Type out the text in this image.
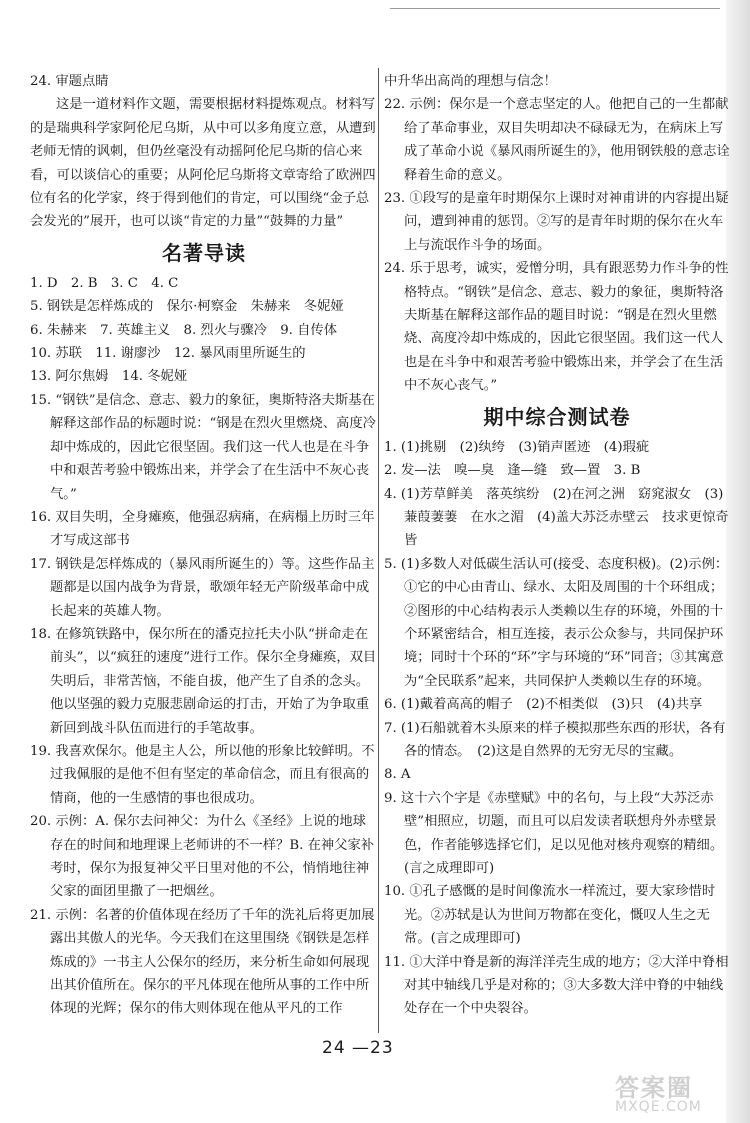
24. 审题点睛

这是一道材料作文题，需要根据材料提炼观点。材料写的是瑞典科学家阿伦尼乌斯，从中可以多角度立意，从遭到老师无情的讽刺，但仍丝毫没有动摇阿伦尼乌斯的信心来看，可以谈信心的重要；从阿伦尼乌斯将文章寄给了欧洲四位有名的化学家，终于得到他们的肯定，可以围绕“金子总会发光的”展开，也可以谈“肯定的力量”“鼓舞的力量”

名著导读

1. D　2. B　3. C　4. C

5. 钢铁是怎样炼成的　保尔·柯察金　朱赫来　冬妮娅

6. 朱赫来　7. 英雄主义　8. 烈火与骤冷　9. 自传体

10. 苏联　11. 谢廖沙　12. 暴风雨里所诞生的

13. 阿尔焦姆　14. 冬妮娅

15. “钢铁”是信念、意志、毅力的象征，奥斯特洛夫斯基在解释这部作品的标题时说：“钢是在烈火里燃烧、高度冷却中炼成的，因此它很坚固。我们这一代人也是在斗争中和艰苦考验中锻炼出来，并学会了在生活中不灰心丧气。”

16. 双目失明，全身瘫痪，他强忍病痛，在病榻上历时三年才写成这部书

17. 钢铁是怎样炼成的（暴风雨所诞生的）等。这些作品主题都是以国内战争为背景，歌颂年轻无产阶级革命中成长起来的英雄人物。

18. 在修筑铁路中，保尔所在的潘克拉托夫小队“拼命走在前头”，以“疯狂的速度”进行工作。保尔全身瘫痪，双目失明后，非常苦恼，不能自拔，他产生了自杀的念头。他以坚强的毅力克服悲剧命运的打击，开始了为争取重新回到战斗队伍而进行的手笔故事。

19. 我喜欢保尔。他是主人公，所以他的形象比较鲜明。不过我佩服的是他不但有坚定的革命信念，而且有很高的情商，他的一生感情的事也很成功。

20. 示例：A. 保尔去问神父：为什么《圣经》上说的地球存在的时间和地理课上老师讲的不一样？B. 在神父家补考时，保尔为报复神父平日里对他的不公，悄悄地往神父家的面团里撒了一把烟丝。

21. 示例：名著的价值体现在经历了千年的洗礼后将更加展露出其傲人的光华。今天我们在这里围绕《钢铁是怎样炼成的》一书主人公保尔的经历，来分析生命如何展现出其价值所在。保尔的平凡体现在他所从事的工作中所体现的光辉；保尔的伟大则体现在他从平凡的工作

中升华出高尚的理想与信念！

22. 示例：保尔是一个意志坚定的人。他把自己的一生都献给了革命事业，双目失明却决不碌碌无为，在病床上写成了革命小说《暴风雨所诞生的》，他用钢铁般的意志诠释着生命的意义。

23. ①段写的是童年时期保尔上课时对神甫讲的内容提出疑问，遭到神甫的惩罚。②写的是青年时期的保尔在火车上与流氓作斗争的场面。

24. 乐于思考，诚实，爱憎分明，具有跟恶势力作斗争的性格特点。“钢铁”是信念、意志、毅力的象征，奥斯特洛夫斯基在解释这部作品的题目时说：“钢是在烈火里燃烧、高度冷却中炼成的，因此它很坚固。我们这一代人也是在斗争中和艰苦考验中锻炼出来，并学会了在生活中不灰心丧气。”

期中综合测试卷

1. (1)挑剔　(2)纨绔　(3)销声匿迹　(4)瑕疵

2. 发—法　嗅—臭　逢—缝　致—置　3. B

4. (1)芳草鲜美　落英缤纷　(2)在河之洲　窈窕淑女　(3)蒹葭萋萋　在水之湄　(4)盖大苏泛赤壁云　技求更惊奇皆

5. (1)多数人对低碳生活认可(接受、态度积极)。(2)示例：①它的中心由青山、绿水、太阳及周围的十个环组成；②图形的中心结构表示人类赖以生存的环境，外围的十个环紧密结合，相互连接，表示公众参与，共同保护环境；同时十个环的“环”字与环境的“环”同音；③其寓意为“全民联系”起来，共同保护人类赖以生存的环境。

6. (1)戴着高高的帽子　(2)不相类似　(3)只　(4)共享

7. (1)石船就着木头原来的样子模拟那些东西的形状，各有各的情态。　(2)这是自然界的无穷无尽的宝藏。

8. A

9. 这十六个字是《赤壁赋》中的名句，与上段“大苏泛赤壁”相照应，切题，而且可以启发读者联想舟外赤壁景色，作者能够选择它们，足以见他对核舟观察的精细。(言之成理即可)

10. ①孔子感慨的是时间像流水一样流过，要大家珍惜时光。②苏轼是认为世间万物都在变化，慨叹人生之无常。(言之成理即可)

11. ①大洋中脊是新的海洋洋壳生成的地方；②大洋中脊相对其中轴线几乎是对称的；③大多数大洋中脊的中轴线处存在一个中央裂谷。

24 —23
答案圈
MXQE.COM
